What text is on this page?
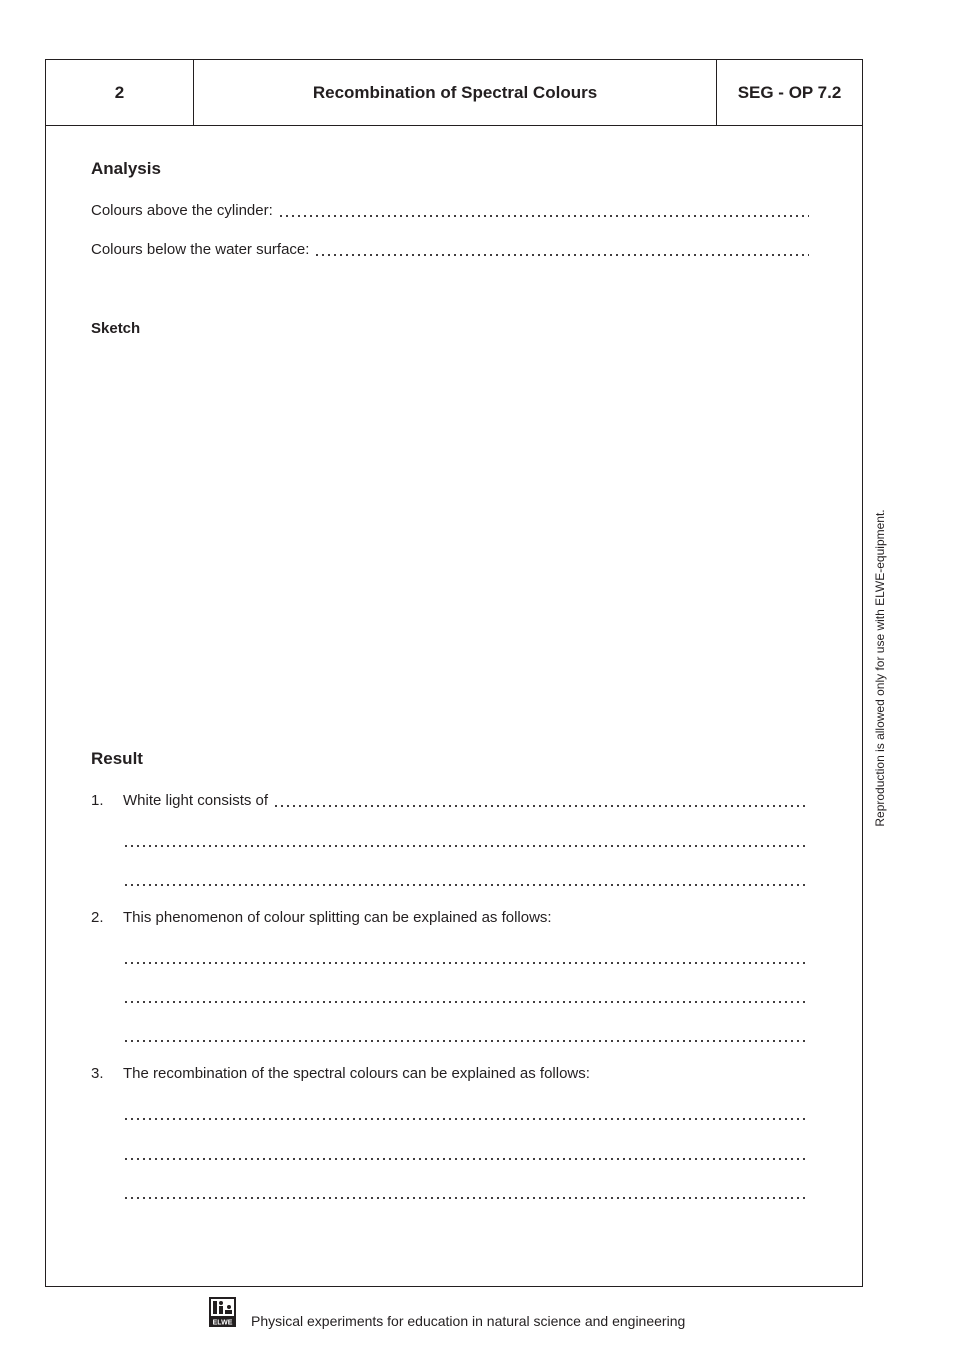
2	Recombination of Spectral Colours	SEG - OP 7.2
Analysis
Colours above the cylinder:
Colours below the water surface:
Sketch
Result
1.	White light consists of
2.	This phenomenon of colour splitting can be explained as follows:
3.	The recombination of the spectral colours can be explained as follows:
Reproduction is allowed only for use with ELWE-equipment.
ELWE Physical experiments for education in natural science and engineering
